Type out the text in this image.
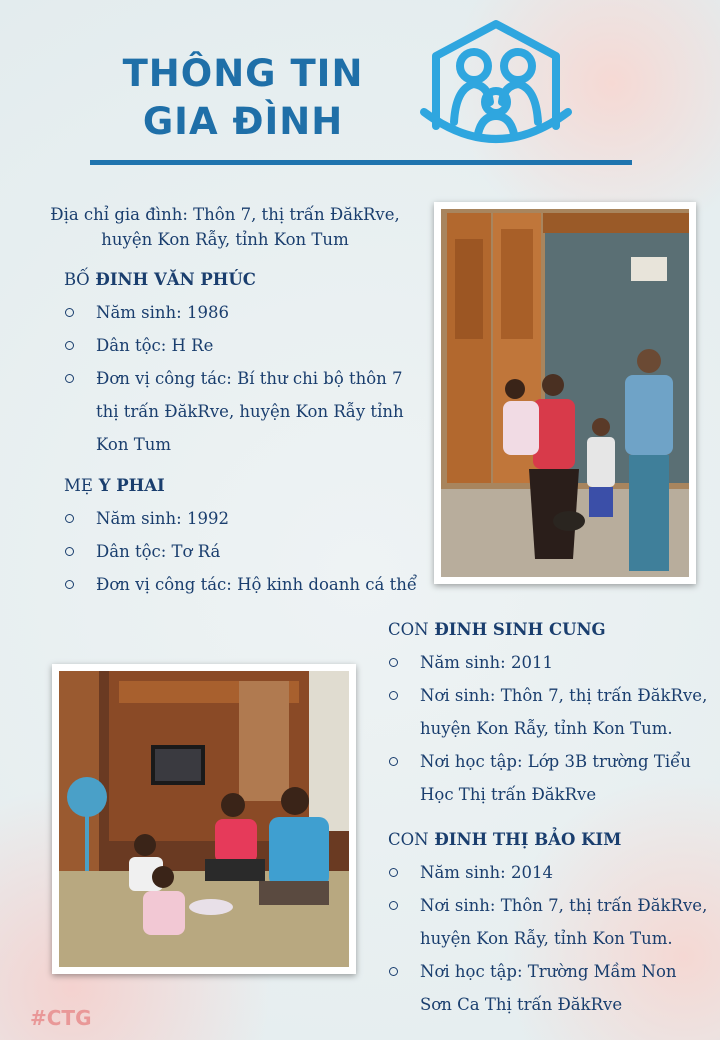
THÔNG TIN
GIA ĐÌNH
Địa chỉ gia đình: Thôn 7, thị trấn ĐăkRve, huyện Kon Rẫy, tỉnh Kon Tum
BỐ ĐINH VĂN PHÚC
Năm sinh: 1986
Dân tộc: H Re
Đơn vị công tác: Bí thư chi bộ thôn 7 thị trấn ĐăkRve, huyện Kon Rẫy tỉnh Kon Tum
MẸ Y PHAI
Năm sinh: 1992
Dân tộc: Tơ Rá
Đơn vị công tác: Hộ kinh doanh cá thể
CON ĐINH SINH CUNG
Năm sinh: 2011
Nơi sinh: Thôn 7, thị trấn ĐăkRve, huyện Kon Rẫy, tỉnh Kon Tum.
Nơi học tập: Lớp 3B trường Tiểu Học Thị trấn ĐăkRve
CON ĐINH THỊ BẢO KIM
Năm sinh: 2014
Nơi sinh: Thôn 7, thị trấn ĐăkRve, huyện Kon Rẫy, tỉnh Kon Tum.
Nơi học tập: Trường Mầm Non Sơn Ca Thị trấn ĐăkRve
#CTG
